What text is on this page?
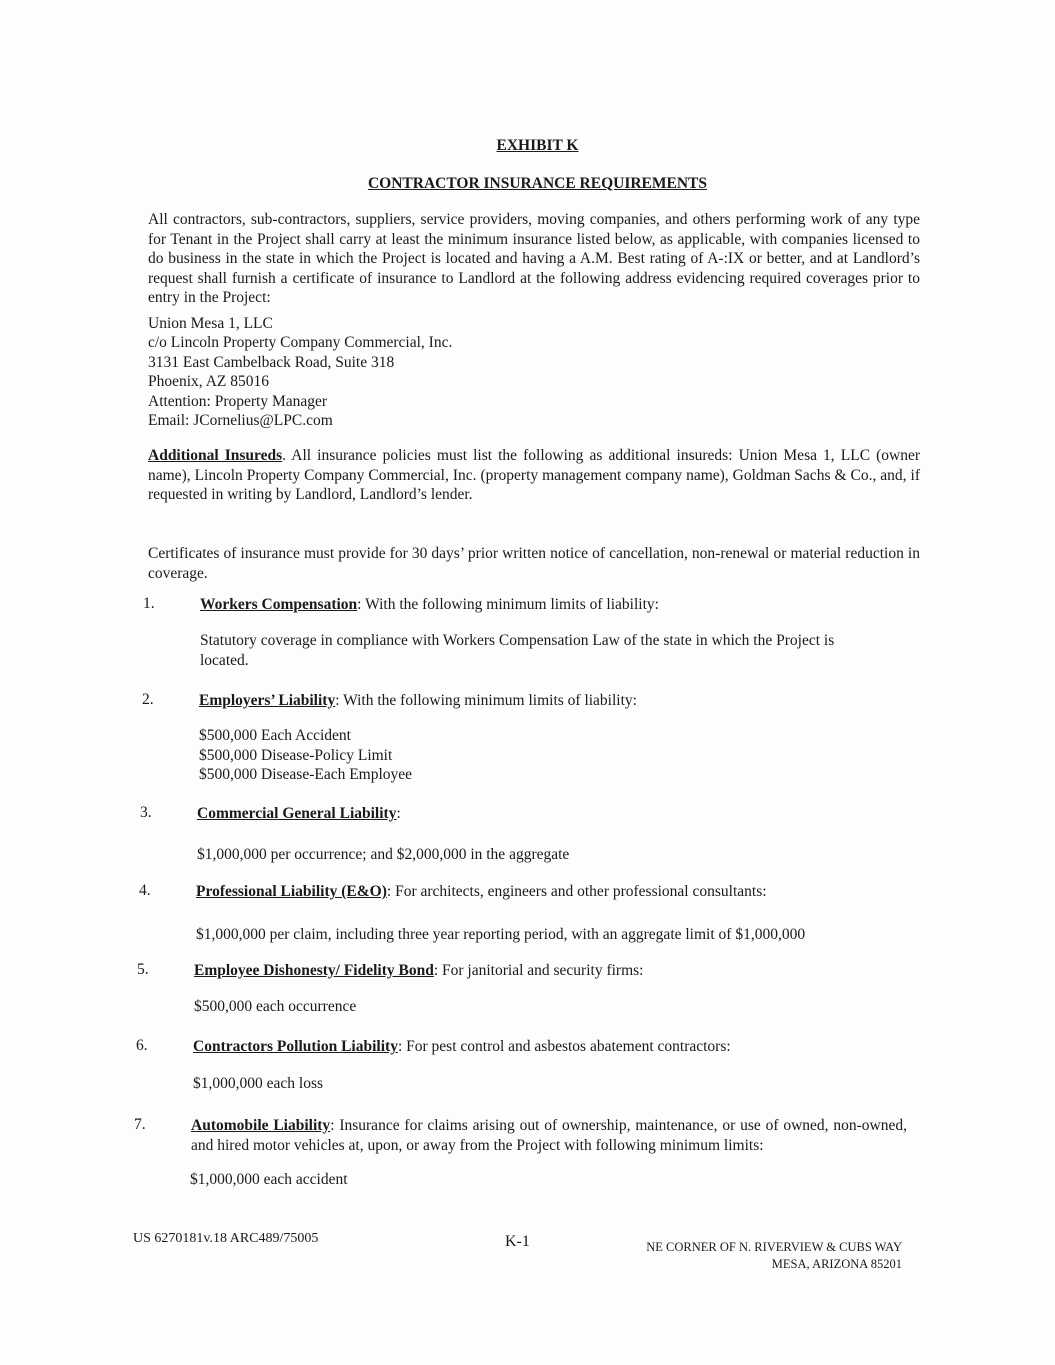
EXHIBIT K
CONTRACTOR INSURANCE REQUIREMENTS
All contractors, sub-contractors, suppliers, service providers, moving companies, and others performing work of any type for Tenant in the Project shall carry at least the minimum insurance listed below, as applicable, with companies licensed to do business in the state in which the Project is located and having a A.M. Best rating of A-:IX or better, and at Landlord’s request shall furnish a certificate of insurance to Landlord at the following address evidencing required coverages prior to entry in the Project:
Union Mesa 1, LLC
c/o Lincoln Property Company Commercial, Inc.
3131 East Cambelback Road, Suite 318
Phoenix, AZ 85016
Attention: Property Manager
Email: JCornelius@LPC.com
Additional Insureds. All insurance policies must list the following as additional insureds: Union Mesa 1, LLC (owner name), Lincoln Property Company Commercial, Inc. (property management company name), Goldman Sachs & Co., and, if requested in writing by Landlord, Landlord’s lender.
Certificates of insurance must provide for 30 days’ prior written notice of cancellation, non-renewal or material reduction in coverage.
1.	Workers Compensation: With the following minimum limits of liability:
Statutory coverage in compliance with Workers Compensation Law of the state in which the Project is located.
2.	Employers’ Liability: With the following minimum limits of liability:
$500,000 Each Accident
$500,000 Disease-Policy Limit
$500,000 Disease-Each Employee
3.	Commercial General Liability:
$1,000,000 per occurrence; and $2,000,000 in the aggregate
4.	Professional Liability (E&O): For architects, engineers and other professional consultants:
$1,000,000 per claim, including three year reporting period, with an aggregate limit of $1,000,000
5.	Employee Dishonesty/ Fidelity Bond: For janitorial and security firms:
$500,000 each occurrence
6.	Contractors Pollution Liability: For pest control and asbestos abatement contractors:
$1,000,000 each loss
7.	Automobile Liability: Insurance for claims arising out of ownership, maintenance, or use of owned, non-owned, and hired motor vehicles at, upon, or away from the Project with following minimum limits:
$1,000,000 each accident
US 6270181v.18 ARC489/75005	K-1	NE CORNER OF N. RIVERVIEW & CUBS WAY
MESA, ARIZONA 85201
